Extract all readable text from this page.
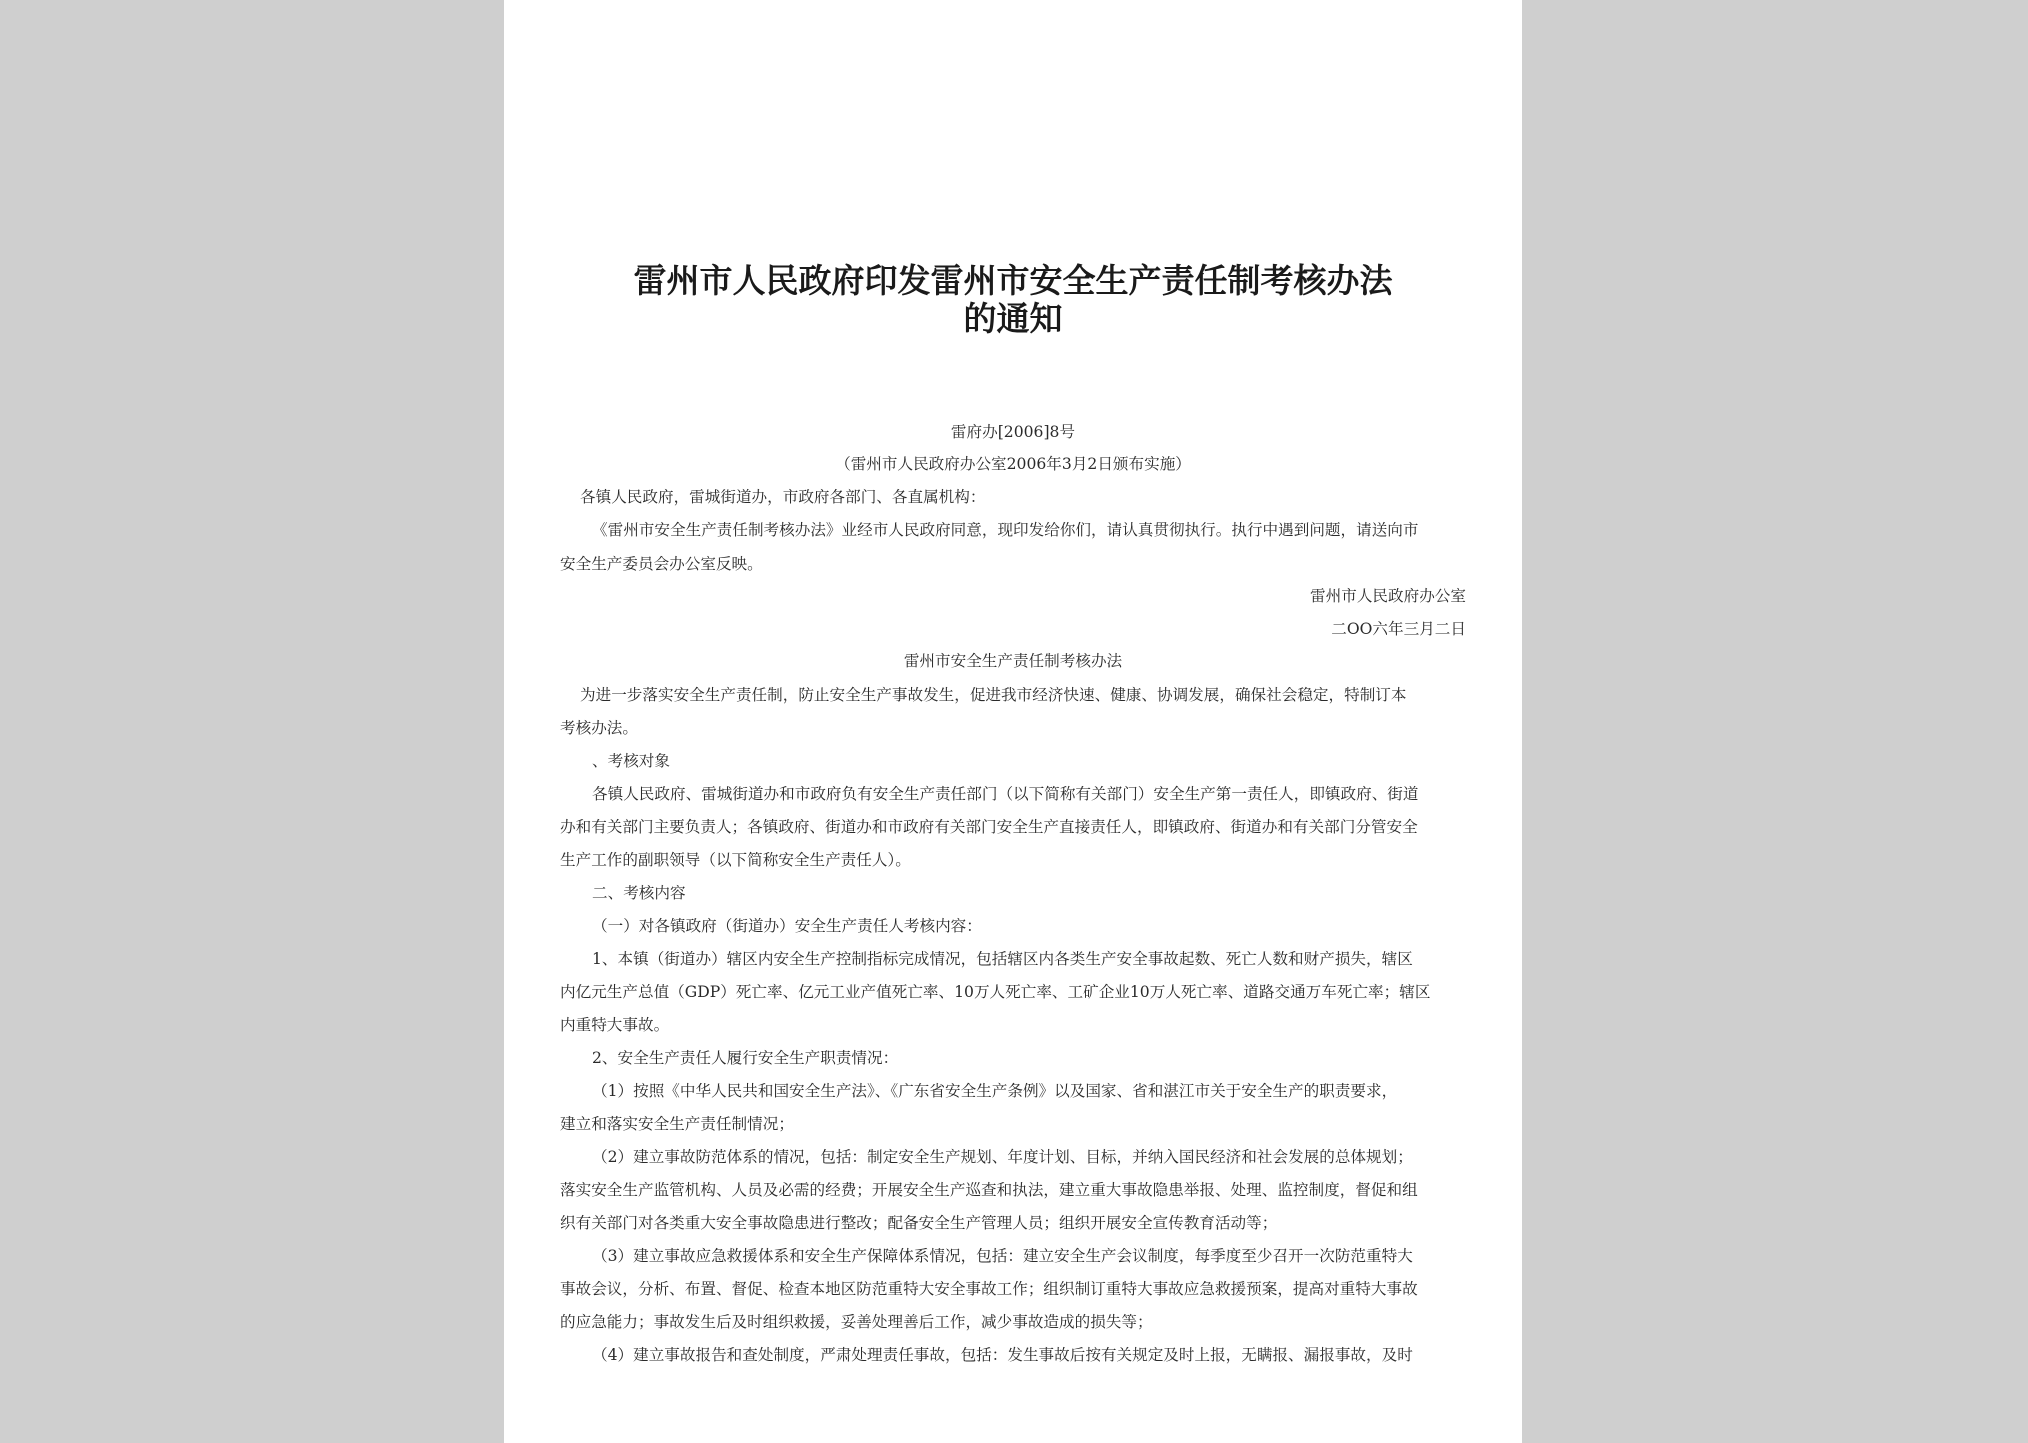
雷州市人民政府印发雷州市安全生产责任制考核办法
的通知
雷府办[2006]8号
（雷州市人民政府办公室2006年3月2日颁布实施）
各镇人民政府，雷城街道办，市政府各部门、各直属机构：
《雷州市安全生产责任制考核办法》业经市人民政府同意，现印发给你们，请认真贯彻执行。执行中遇到问题，请送向市
安全生产委员会办公室反映。
雷州市人民政府办公室
二OO六年三月二日
雷州市安全生产责任制考核办法
为进一步落实安全生产责任制，防止安全生产事故发生，促进我市经济快速、健康、协调发展，确保社会稳定，特制订本
考核办法。
、考核对象
各镇人民政府、雷城街道办和市政府负有安全生产责任部门（以下简称有关部门）安全生产第一责任人，即镇政府、街道
办和有关部门主要负责人；各镇政府、街道办和市政府有关部门安全生产直接责任人，即镇政府、街道办和有关部门分管安全
生产工作的副职领导（以下简称安全生产责任人）。
二、考核内容
（一）对各镇政府（街道办）安全生产责任人考核内容：
1、本镇（街道办）辖区内安全生产控制指标完成情况，包括辖区内各类生产安全事故起数、死亡人数和财产损失，辖区
内亿元生产总值（GDP）死亡率、亿元工业产值死亡率、10万人死亡率、工矿企业10万人死亡率、道路交通万车死亡率；辖区
内重特大事故。
2、安全生产责任人履行安全生产职责情况：
（1）按照《中华人民共和国安全生产法》、《广东省安全生产条例》以及国家、省和湛江市关于安全生产的职责要求，
建立和落实安全生产责任制情况；
（2）建立事故防范体系的情况，包括：制定安全生产规划、年度计划、目标，并纳入国民经济和社会发展的总体规划；
落实安全生产监管机构、人员及必需的经费；开展安全生产巡查和执法，建立重大事故隐患举报、处理、监控制度，督促和组
织有关部门对各类重大安全事故隐患进行整改；配备安全生产管理人员；组织开展安全宣传教育活动等；
（3）建立事故应急救援体系和安全生产保障体系情况，包括：建立安全生产会议制度，每季度至少召开一次防范重特大
事故会议，分析、布置、督促、检查本地区防范重特大安全事故工作；组织制订重特大事故应急救援预案，提高对重特大事故
的应急能力；事故发生后及时组织救援，妥善处理善后工作，减少事故造成的损失等；
（4）建立事故报告和查处制度，严肃处理责任事故，包括：发生事故后按有关规定及时上报，无瞒报、漏报事故，及时
